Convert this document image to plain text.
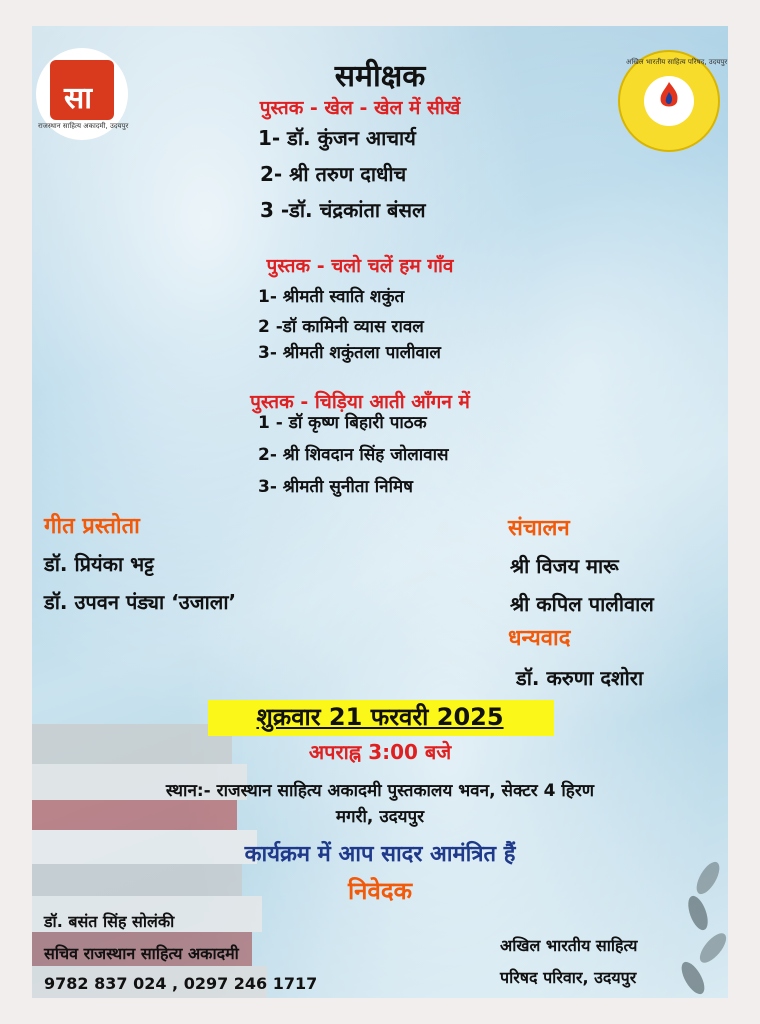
सा
राजस्थान साहित्य अकादमी, उदयपुर
अखिल भारतीय साहित्य परिषद, उदयपुर
समीक्षक
पुस्तक - खेल - खेल में सीखें
1- डॉ. कुंजन आचार्य
2- श्री तरुण दाधीच
3 -डॉ. चंद्रकांता बंसल
पुस्तक - चलो चलें हम गाँव
1- श्रीमती स्वाति शकुंत
2 -डॉ कामिनी व्यास रावल
3- श्रीमती शकुंतला पालीवाल
पुस्तक - चिड़िया आती आँगन में
1 - डॉ कृष्ण बिहारी पाठक
2- श्री शिवदान सिंह जोलावास
3- श्रीमती सुनीता निमिष
गीत प्रस्तोता
डॉ. प्रियंका भट्ट
डॉ. उपवन पंड्या ‘उजाला’
संचालन
श्री विजय मारू
श्री कपिल पालीवाल
धन्यवाद
डॉ. करुणा दशोरा
शुक्रवार 21 फरवरी 2025
अपराह्न 3:00 बजे
स्थान:- राजस्थान साहित्य अकादमी पुस्तकालय भवन, सेक्टर 4 हिरण
मगरी, उदयपुर
कार्यक्रम में आप सादर आमंत्रित हैं
निवेदक
डॉ. बसंत सिंह सोलंकी
सचिव राजस्थान साहित्य अकादमी
9782 837 024 , 0297 246 1717
अखिल भारतीय साहित्य
परिषद परिवार, उदयपुर
